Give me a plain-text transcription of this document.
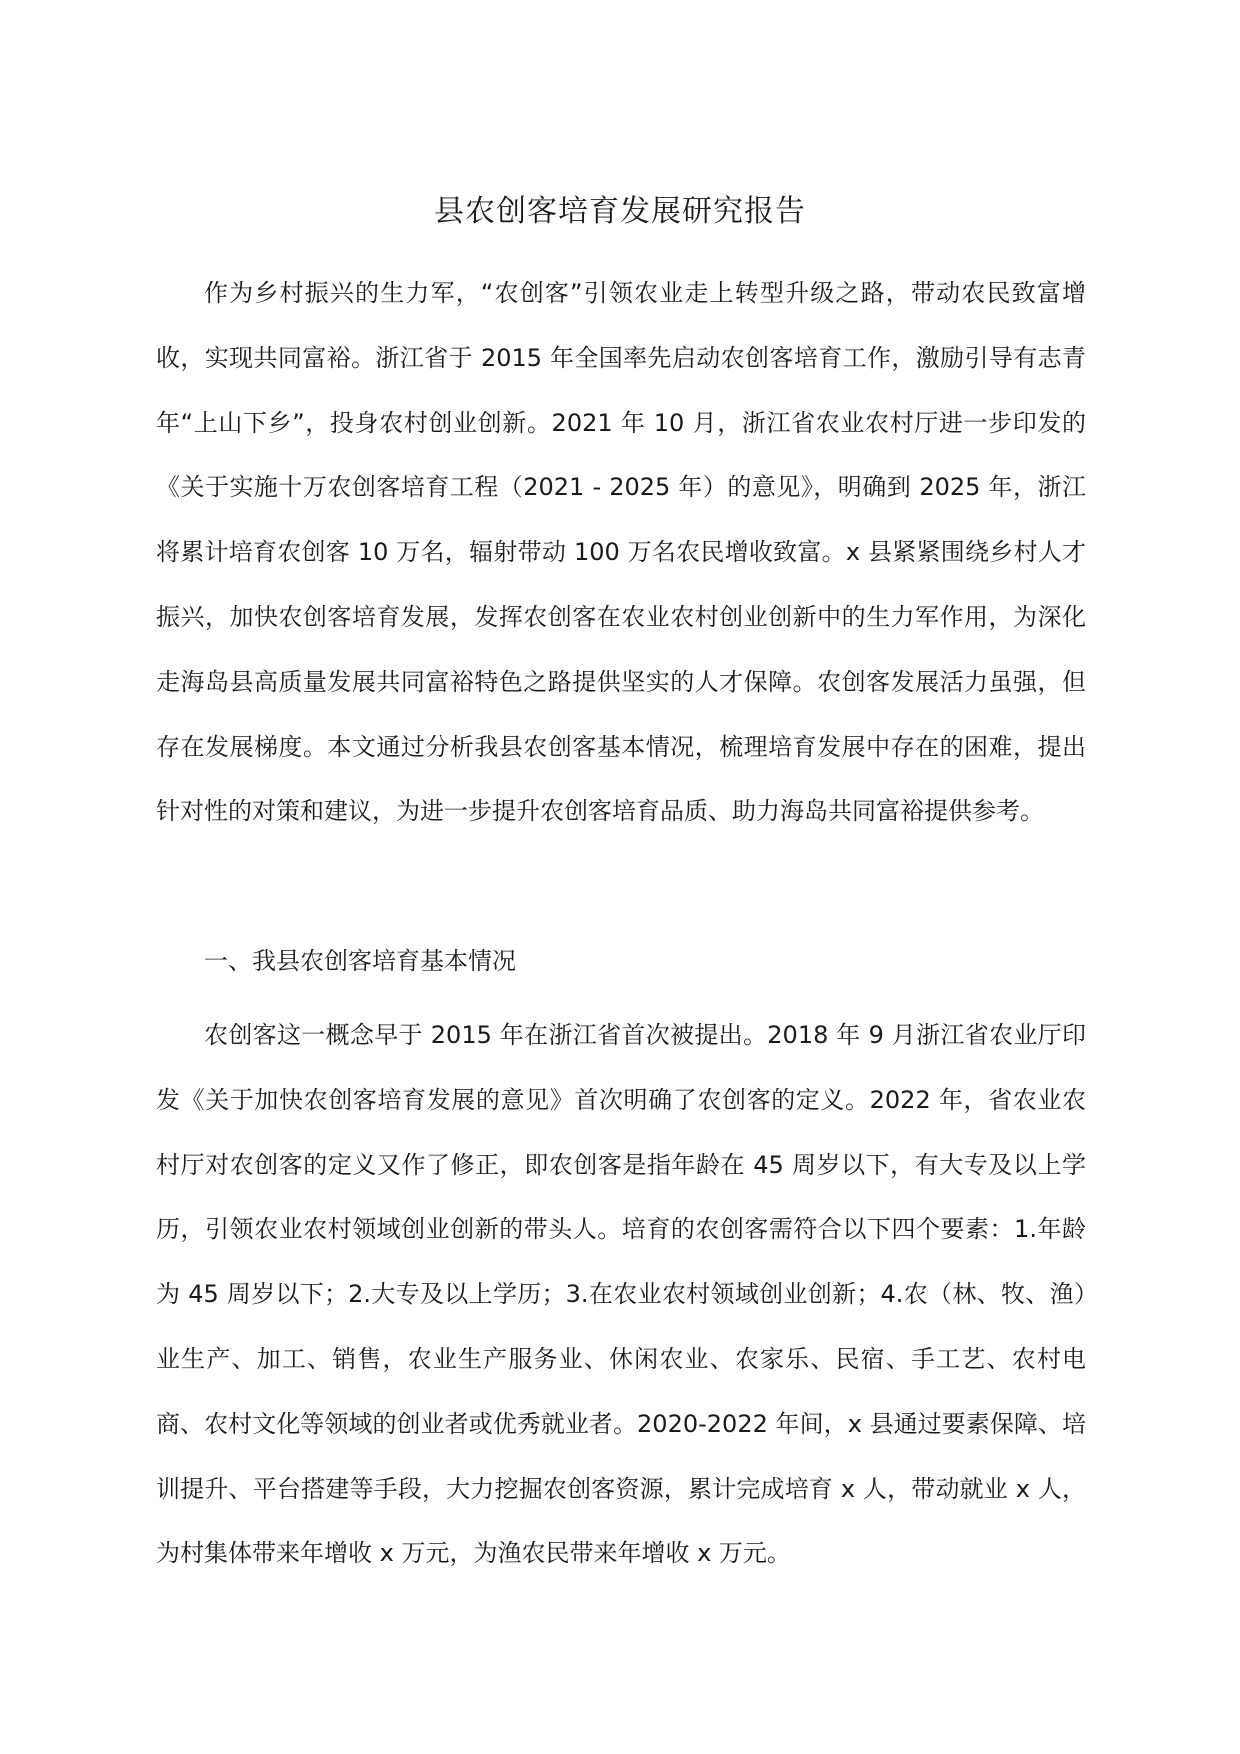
县农创客培育发展研究报告
作为乡村振兴的生力军，“农创客”引领农业走上转型升级之路，带动农民致富增收，实现共同富裕。浙江省于 2015 年全国率先启动农创客培育工作，激励引导有志青年“上山下乡”，投身农村创业创新。2021 年 10 月，浙江省农业农村厅进一步印发的《关于实施十万农创客培育工程（2021 - 2025 年）的意见》，明确到 2025 年，浙江将累计培育农创客 10 万名，辐射带动 100 万名农民增收致富。x 县紧紧围绕乡村人才振兴，加快农创客培育发展，发挥农创客在农业农村创业创新中的生力军作用，为深化走海岛县高质量发展共同富裕特色之路提供坚实的人才保障。农创客发展活力虽强，但存在发展梯度。本文通过分析我县农创客基本情况，梳理培育发展中存在的困难，提出针对性的对策和建议，为进一步提升农创客培育品质、助力海岛共同富裕提供参考。
一、我县农创客培育基本情况
农创客这一概念早于 2015 年在浙江省首次被提出。2018 年 9 月浙江省农业厅印发《关于加快农创客培育发展的意见》首次明确了农创客的定义。2022 年，省农业农村厅对农创客的定义又作了修正，即农创客是指年龄在 45 周岁以下，有大专及以上学历，引领农业农村领域创业创新的带头人。培育的农创客需符合以下四个要素：1.年龄为 45 周岁以下；2.大专及以上学历；3.在农业农村领域创业创新；4.农（林、牧、渔）业生产、加工、销售，农业生产服务业、休闲农业、农家乐、民宿、手工艺、农村电商、农村文化等领域的创业者或优秀就业者。2020-2022 年间，x 县通过要素保障、培训提升、平台搭建等手段，大力挖掘农创客资源，累计完成培育 x 人，带动就业 x 人，为村集体带来年增收 x 万元，为渔农民带来年增收 x 万元。
